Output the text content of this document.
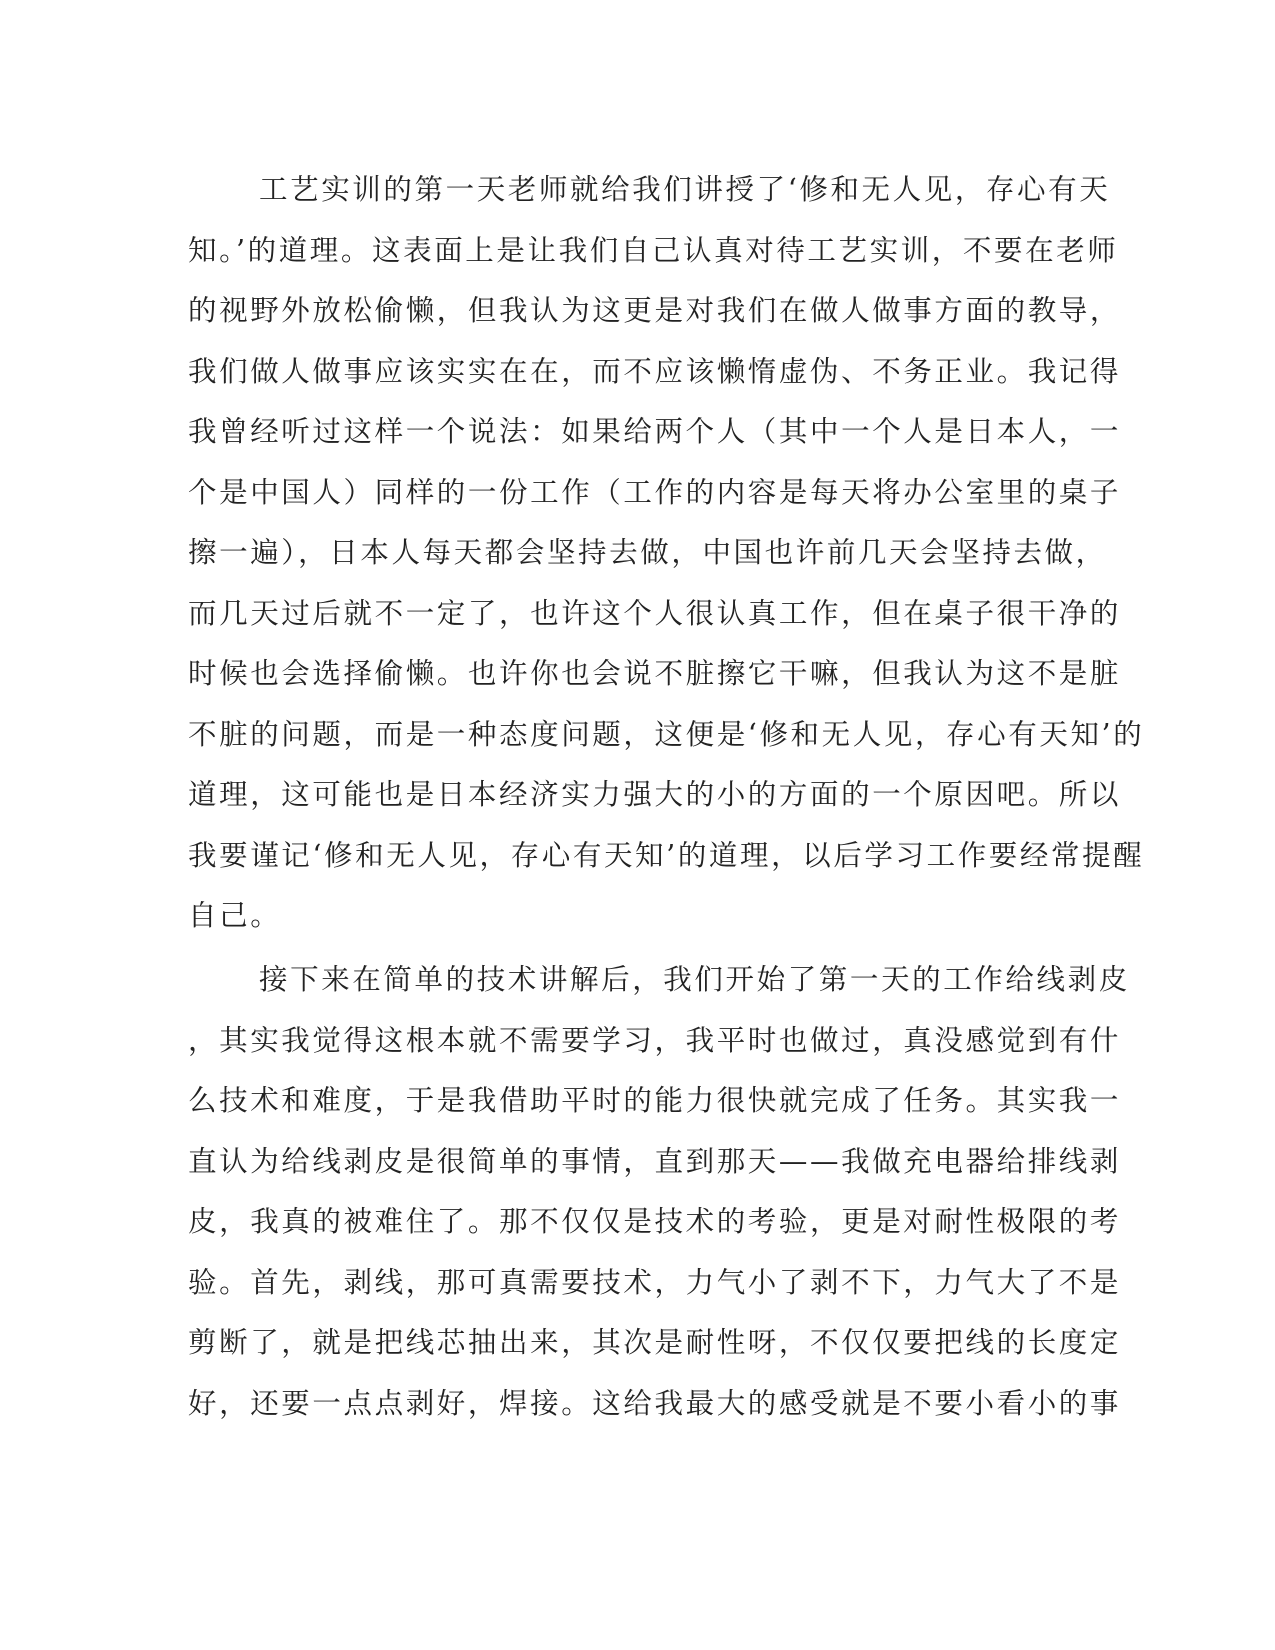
工艺实训的第一天老师就给我们讲授了‘修和无人见，存心有天

知。’的道理。这表面上是让我们自己认真对待工艺实训，不要在老师

的视野外放松偷懒，但我认为这更是对我们在做人做事方面的教导，

我们做人做事应该实实在在，而不应该懒惰虚伪、不务正业。我记得

我曾经听过这样一个说法：如果给两个人（其中一个人是日本人，一

个是中国人）同样的一份工作（工作的内容是每天将办公室里的桌子

擦一遍），日本人每天都会坚持去做，中国也许前几天会坚持去做，

而几天过后就不一定了，也许这个人很认真工作，但在桌子很干净的

时候也会选择偷懒。也许你也会说不脏擦它干嘛，但我认为这不是脏

不脏的问题，而是一种态度问题，这便是‘修和无人见，存心有天知’的

道理，这可能也是日本经济实力强大的小的方面的一个原因吧。所以

我要谨记‘修和无人见，存心有天知’的道理，以后学习工作要经常提醒

自己。

接下来在简单的技术讲解后，我们开始了第一天的工作给线剥皮

，其实我觉得这根本就不需要学习，我平时也做过，真没感觉到有什

么技术和难度，于是我借助平时的能力很快就完成了任务。其实我一

直认为给线剥皮是很简单的事情，直到那天——我做充电器给排线剥

皮，我真的被难住了。那不仅仅是技术的考验，更是对耐性极限的考

验。首先，剥线，那可真需要技术，力气小了剥不下，力气大了不是

剪断了，就是把线芯抽出来，其次是耐性呀，不仅仅要把线的长度定

好，还要一点点剥好，焊接。这给我最大的感受就是不要小看小的事
